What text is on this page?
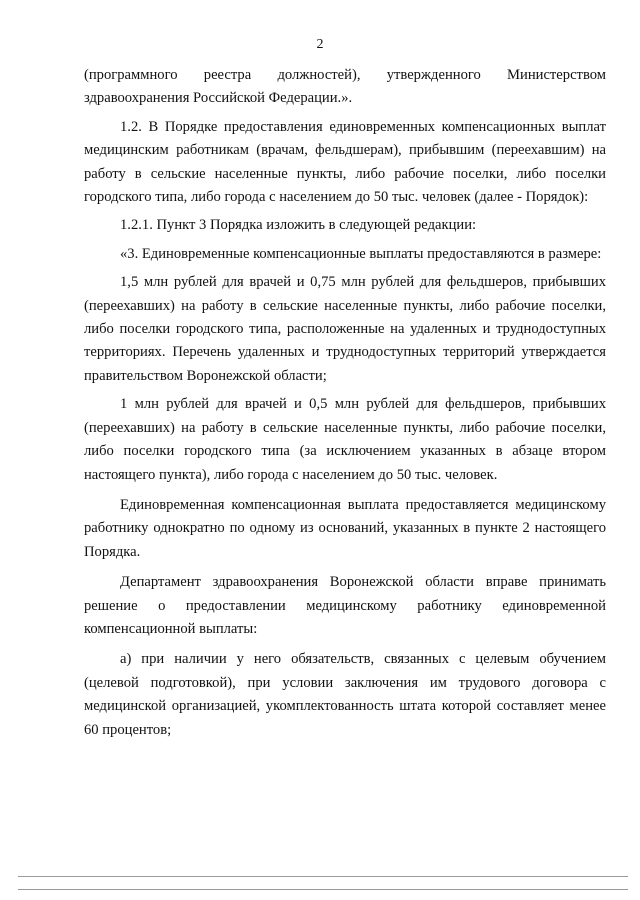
2

(программного реестра должностей), утвержденного Министерством здравоохранения Российской Федерации.».

1.2. В Порядке предоставления единовременных компенсационных выплат медицинским работникам (врачам, фельдшерам), прибывшим (переехавшим) на работу в сельские населенные пункты, либо рабочие поселки, либо поселки городского типа, либо города с населением до 50 тыс. человек (далее - Порядок):

1.2.1. Пункт 3 Порядка изложить в следующей редакции:

«3. Единовременные компенсационные выплаты предоставляются в размере:

1,5 млн рублей для врачей и 0,75 млн рублей для фельдшеров, прибывших (переехавших) на работу в сельские населенные пункты, либо рабочие поселки, либо поселки городского типа, расположенные на удаленных и труднодоступных территориях. Перечень удаленных и труднодоступных территорий утверждается правительством Воронежской области;

1 млн рублей для врачей и 0,5 млн рублей для фельдшеров, прибывших (переехавших) на работу в сельские населенные пункты, либо рабочие поселки, либо поселки городского типа (за исключением указанных в абзаце втором настоящего пункта), либо города с населением до 50 тыс. человек.

Единовременная компенсационная выплата предоставляется медицинскому работнику однократно по одному из оснований, указанных в пункте 2 настоящего Порядка.

Департамент здравоохранения Воронежской области вправе принимать решение о предоставлении медицинскому работнику единовременной компенсационной выплаты:

а) при наличии у него обязательств, связанных с целевым обучением (целевой подготовкой), при условии заключения им трудового договора с медицинской организацией, укомплектованность штата которой составляет менее 60 процентов;
